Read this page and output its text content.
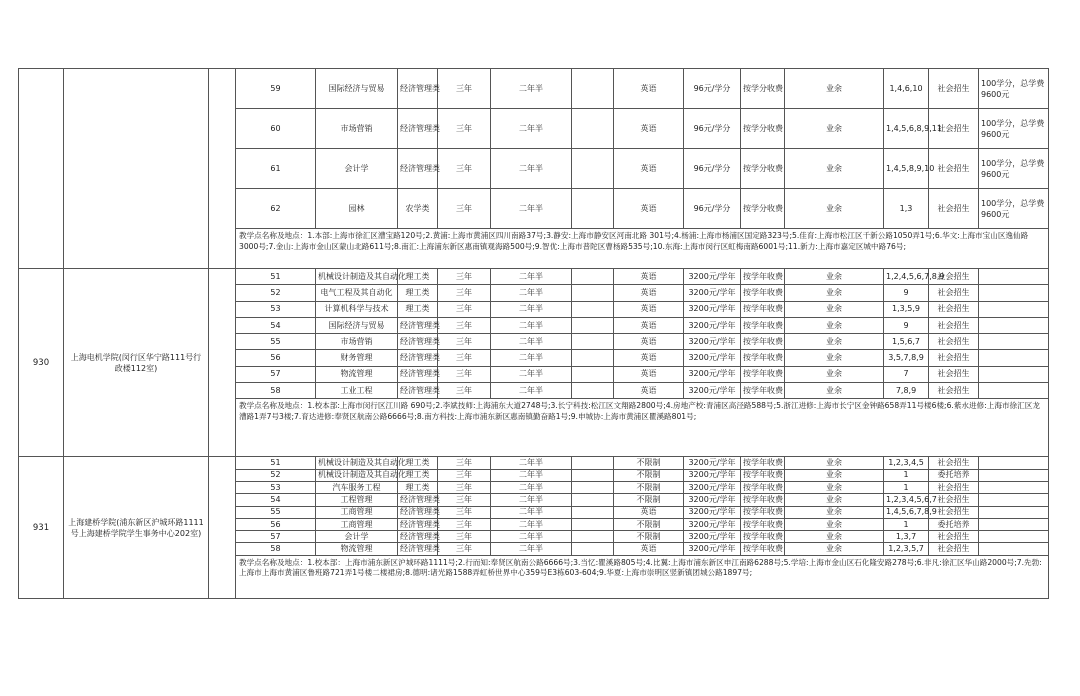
			59	国际经济与贸易	经济管理类	三年	二年半		英语	96元/学分	按学分收费	业余	1,4,6,10	社会招生	100学分，总学费9600元
			60	市场营销	经济管理类	三年	二年半		英语	96元/学分	按学分收费	业余	1,4,5,6,8,9,11	社会招生	100学分，总学费9600元
			61	会计学	经济管理类	三年	二年半		英语	96元/学分	按学分收费	业余	1,4,5,8,9,10	社会招生	100学分，总学费9600元
			62	园林	农学类	三年	二年半		英语	96元/学分	按学分收费	业余	1,3	社会招生	100学分，总学费9600元
			教学点名称及地点：1.本部:上海市徐汇区漕宝路120号;2.黄浦:上海市黄浦区四川南路37号;3.静安:上海市静安区河南北路 301号;4.杨浦:上海市杨浦区国定路323号;5.佳育:上海市松江区千新公路1050弄1号;6.华文:上海市宝山区逸仙路3000号;7.金山:上海市金山区蒙山北路611号;8.南汇:上海浦东新区惠南镇观海路500号;9.智优:上海市普陀区曹杨路535号;10.东海:上海市闵行区虹梅南路6001号;11.新力:上海市嘉定区城中路76号;												
930	上海电机学院(闵行区华宁路111号行政楼112室)		51	机械设计制造及其自动化	理工类	三年	二年半		英语	3200元/学年	按学年收费	业余	1,2,4,5,6,7,8,9	社会招生	
			52	电气工程及其自动化	理工类	三年	二年半		英语	3200元/学年	按学年收费	业余	9	社会招生	
			53	计算机科学与技术	理工类	三年	二年半		英语	3200元/学年	按学年收费	业余	1,3,5,9	社会招生	
			54	国际经济与贸易	经济管理类	三年	二年半		英语	3200元/学年	按学年收费	业余	9	社会招生	
			55	市场营销	经济管理类	三年	二年半		英语	3200元/学年	按学年收费	业余	1,5,6,7	社会招生	
			56	财务管理	经济管理类	三年	二年半		英语	3200元/学年	按学年收费	业余	3,5,7,8,9	社会招生	
			57	物流管理	经济管理类	三年	二年半		英语	3200元/学年	按学年收费	业余	7	社会招生	
			58	工业工程	经济管理类	三年	二年半		英语	3200元/学年	按学年收费	业余	7,8,9	社会招生	
			教学点名称及地点：1.校本部:上海市闵行区江川路 690号;2.李斌技师:上海浦东大道2748号;3.长宁科技:松江区文翔路2800号;4.房地产校:青浦区高泾路588号;5.浙江进修:上海市长宁区金钟路658弄11号楼6楼;6.紫水进修:上海市徐汇区龙漕路1弄7号3楼;7.育达进修:奉贤区航南公路6666号;8.南方科技:上海市浦东新区惠南镇勤奋路1号;9.申城协:上海市黄浦区瞿溪路801号;												
931	上海建桥学院(浦东新区沪城环路1111号上海建桥学院学生事务中心202室)		51	机械设计制造及其自动化	理工类	三年	二年半		不限制	3200元/学年	按学年收费	业余	1,2,3,4,5	社会招生	
			52	机械设计制造及其自动化	理工类	三年	二年半		不限制	3200元/学年	按学年收费	业余	1	委托培养	
			53	汽车服务工程	理工类	三年	二年半		不限制	3200元/学年	按学年收费	业余	1	社会招生	
			54	工程管理	经济管理类	三年	二年半		不限制	3200元/学年	按学年收费	业余	1,2,3,4,5,6,7	社会招生	
			55	工商管理	经济管理类	三年	二年半		英语	3200元/学年	按学年收费	业余	1,4,5,6,7,8,9	社会招生	
			56	工商管理	经济管理类	三年	二年半		不限制	3200元/学年	按学年收费	业余	1	委托培养	
			57	会计学	经济管理类	三年	二年半		不限制	3200元/学年	按学年收费	业余	1,3,7	社会招生	
			58	物流管理	经济管理类	三年	二年半		英语	3200元/学年	按学年收费	业余	1,2,3,5,7	社会招生	
			教学点名称及地点：1.校本部：上海市浦东新区沪城环路1111号;2.行而知:奉贤区航南公路6666号;3.当忆:瞿溪路805号;4.比翼:上海市浦东新区申江南路6288号;5.学培:上海市金山区石化隆安路278号;6.非凡:徐汇区华山路2000号;7.先勃:上海市上海市黄浦区鲁班路721弄1号楼二楼裙房;8.德明:诸光路1588弄虹桥世界中心359号E3栋603-604;9.华夏:上海市崇明区竖新镇团城公路1897号;												
